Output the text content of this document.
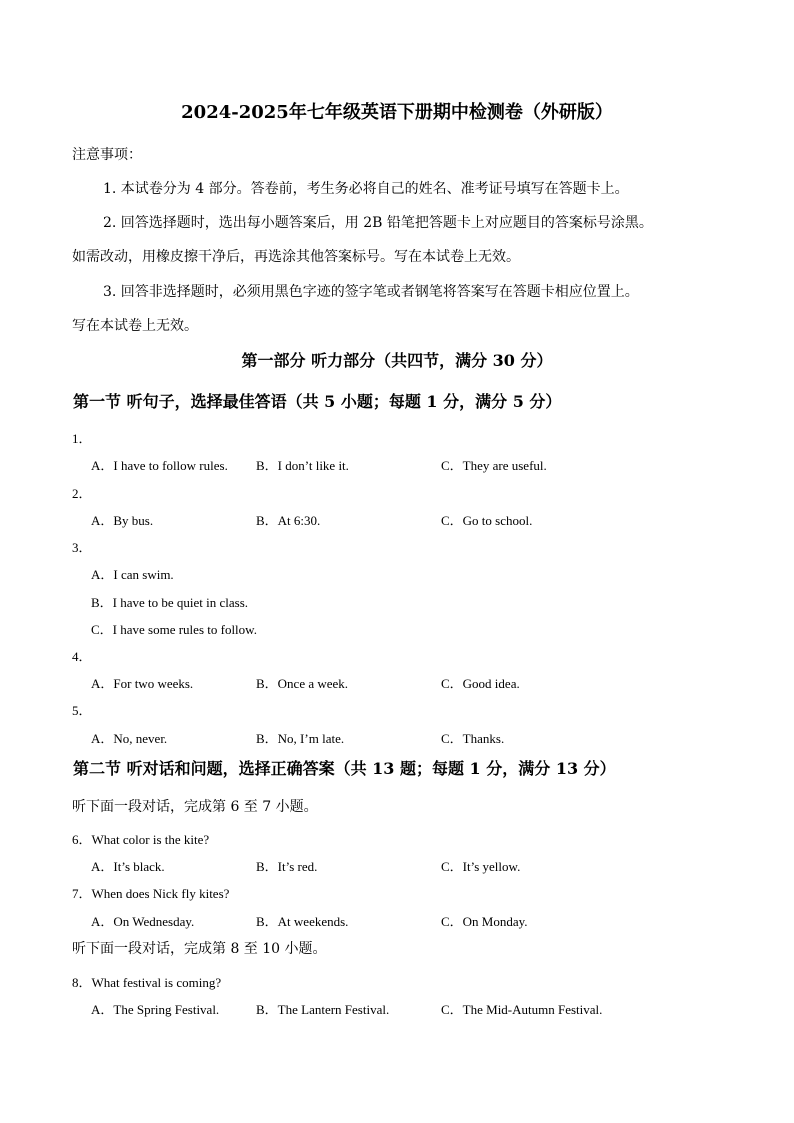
2024-2025年七年级英语下册期中检测卷（外研版）
注意事项：
1. 本试卷分为 4 部分。答卷前，考生务必将自己的姓名、准考证号填写在答题卡上。
2. 回答选择题时，选出每小题答案后，用 2B 铅笔把答题卡上对应题目的答案标号涂黑。
如需改动，用橡皮擦干净后，再选涂其他答案标号。写在本试卷上无效。
3. 回答非选择题时，必须用黑色字迹的签字笔或者钢笔将答案写在答题卡相应位置上。
写在本试卷上无效。
第一部分 听力部分（共四节，满分 30 分）
第一节 听句子，选择最佳答语（共 5 小题；每题 1 分，满分 5 分）
1．
A．I have to follow rules. B．I don’t like it.	C．They are useful.
2．
A．By bus.	B．At 6:30.	C．Go to school.
3．
A．I can swim.
B．I have to be quiet in class.
C．I have some rules to follow.
4．
A．For two weeks.	B．Once a week.	C．Good idea.
5．
A．No, never.	B．No, I’m late.	C．Thanks.
第二节 听对话和问题，选择正确答案（共 13 题；每题 1 分，满分 13 分）
听下面一段对话，完成第 6 至 7 小题。
6．What color is the kite?
A．It’s black.	B．It’s red.	C．It’s yellow.
7．When does Nick fly kites?
A．On Wednesday.	B．At weekends.	C．On Monday.
听下面一段对话，完成第 8 至 10 小题。
8．What festival is coming?
A．The Spring Festival.	B．The Lantern Festival.	C．The Mid-Autumn Festival.
